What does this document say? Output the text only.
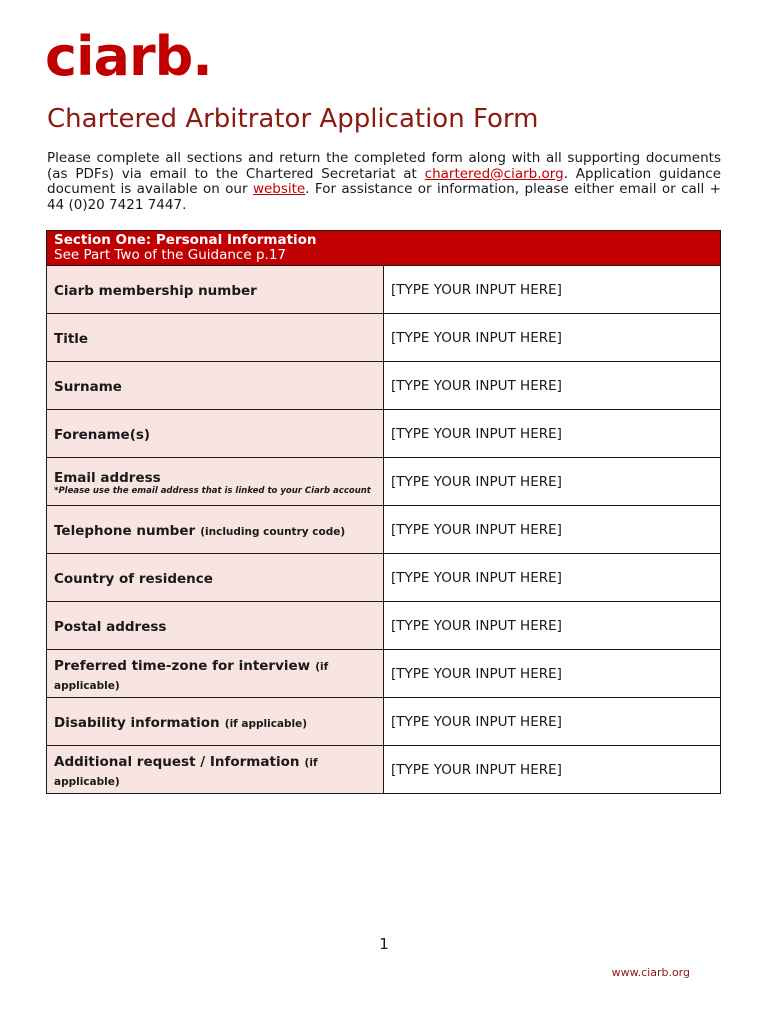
ciarb.
Chartered Arbitrator Application Form

Please complete all sections and return the completed form along with all supporting documents (as PDFs) via email to the Chartered Secretariat at chartered@ciarb.org. Application guidance document is available on our website. For assistance or information, please either email or call + 44 (0)20 7421 7447.

Section One: Personal Information
See Part Two of the Guidance p.17	

Ciarb membership number	[TYPE YOUR INPUT HERE]
Title	[TYPE YOUR INPUT HERE]
Surname	[TYPE YOUR INPUT HERE]
Forename(s)	[TYPE YOUR INPUT HERE]
Email address
*Please use the email address that is linked to your Ciarb account	[TYPE YOUR INPUT HERE]
Telephone number (including country code)	[TYPE YOUR INPUT HERE]
Country of residence	[TYPE YOUR INPUT HERE]
Postal address	[TYPE YOUR INPUT HERE]
Preferred time-zone for interview (if applicable)	[TYPE YOUR INPUT HERE]
Disability information (if applicable)	[TYPE YOUR INPUT HERE]
Additional request / Information (if applicable)	[TYPE YOUR INPUT HERE]
1
www.ciarb.org
